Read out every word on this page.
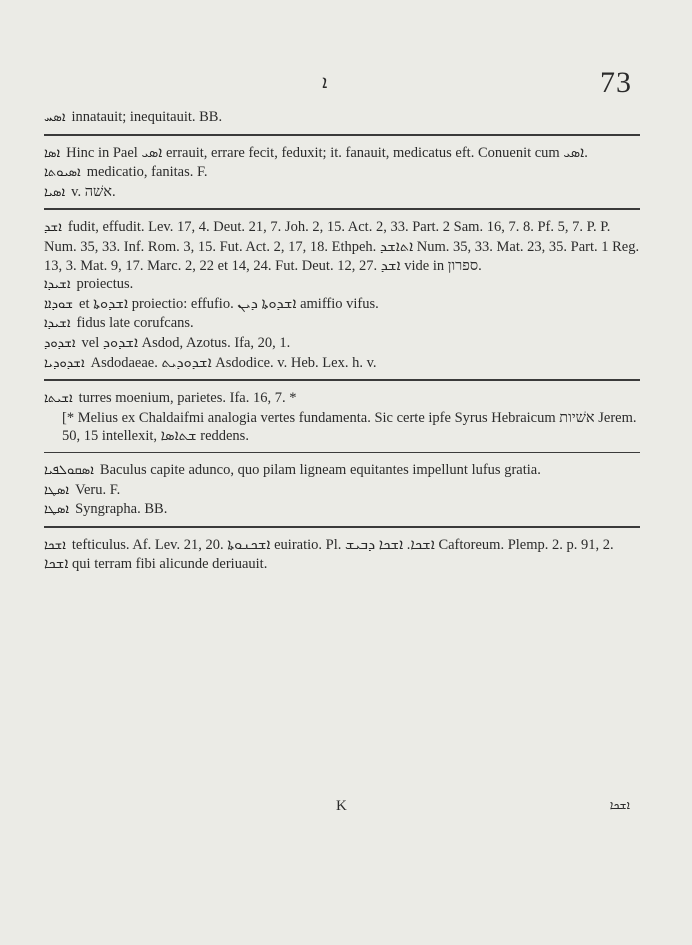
ܐ	73

ܐܣܚ innatauit; inequitauit. BB.

ܐܣܐ Hinc in Pael ܐܣܝ errauit, errare fecit, feduxit; it. fanauit, medicatus eft. Conuenit cum ܐܣܝ.

ܐܣܝܘܬܐ medicatio, fanitas. F.

ܐܣܝܐ v. אשׁה.

ܐܫܕ fudit, effudit. Lev. 17, 4. Deut. 21, 7. Joh. 2, 15. Act. 2, 33. Part. 2 Sam. 16, 7. 8. Pf. 5, 7. P. P. Num. 35, 33. Inf. Rom. 3, 15. Fut. Act. 2, 17, 18. Ethpeh. ܐܬܐܫܕ Num. 35, 33. Mat. 23, 35. Part. 1 Reg. 13, 3. Mat. 9, 17. Marc. 2, 22 et 14, 24. Fut. Deut. 12, 27. ܐܫܕ vide in ספרון.

ܐܫܝܕܐ proiectus.

ܫܘܕܐܐ et ܐܫܕܘܬܐ proiectio: effufio. ܐܫܕܘܬܐ ܕܝܢ amiffio vifus.

ܐܫܝܕܐ fidus late corufcans.

ܐܫܕܘܕ vel ܐܫܕܘܕ Asdod, Azotus. Ifa, 20, 1.

ܐܫܕܘܕܝܐ Asdodaeae. ܐܫܕܘܕܝܬ Asdodice. v. Heb. Lex. h. v.

ܐܫܝܬܐ turres moenium, parietes. Ifa. 16, 7. *

[* Melius ex Chaldaifmi analogia vertes fundamenta. Sic certe ipfe Syrus Hebraicum אשׁיות Jerem. 50, 15 intellexit, ܫܬܐܣܐ reddens.

ܐܣܩܘܠܦܝܐ Baculus capite adunco, quo pilam ligneam equitantes impellunt lufus gratia.

ܐܣܛܐ Veru. F.

ܐܣܛܐ Syngrapha. BB.

ܐܫܟܐ tefticulus. Af. Lev. 21, 20. ܐܫܟܢܘܬܐ euiratio. Pl. ܐܫܟܐ. ܐܫܟܐ ܕܒܝܫ Caftoreum. Plemp. 2. p. 91, 2. ܐܫܟܐ qui terram fibi alicunde deriuauit.

K	ܐܫܟܐ
